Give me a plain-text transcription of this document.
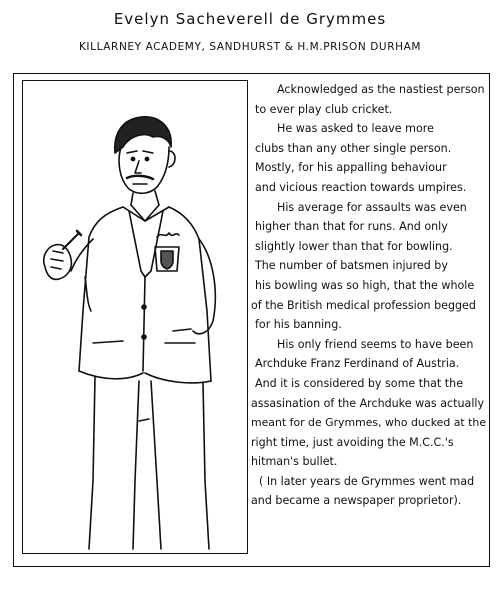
Evelyn Sacheverell de Grymmes
KILLARNEY ACADEMY, SANDHURST & H.M.PRISON DURHAM
Acknowledged as the nastiest person
to ever play club cricket.
He was asked to leave more
clubs than any other single person.
Mostly, for his appalling behaviour
and vicious reaction towards umpires.
His average for assaults was even
higher than that for runs. And only
slightly lower than that for bowling.
The number of batsmen injured by
his bowling was so high, that the whole
of the British medical profession begged
for his banning.
His only friend seems to have been
Archduke Franz Ferdinand of Austria.
And it is considered by some that the
assasination of the Archduke was actually
meant for de Grymmes, who ducked at the
right time, just avoiding the M.C.C.'s
hitman's bullet.
( In later years de Grymmes went mad
and became a newspaper proprietor).
